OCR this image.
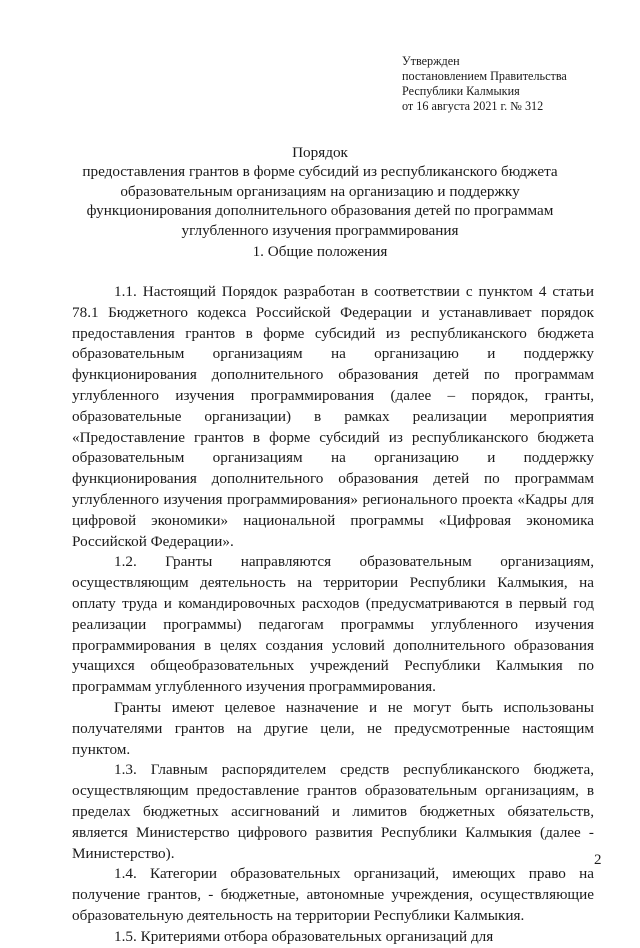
Утвержден
постановлением Правительства
Республики Калмыкия
от 16 августа 2021 г. № 312
Порядок
предоставления грантов в форме субсидий из республиканского бюджета
образовательным организациям на организацию и поддержку
функционирования дополнительного образования детей по программам
углубленного изучения программирования
1. Общие положения

1.1. Настоящий Порядок разработан в соответствии с пунктом 4 статьи 78.1 Бюджетного кодекса Российской Федерации и устанавливает порядок предоставления грантов в форме субсидий из республиканского бюджета образовательным организациям на организацию и поддержку функционирования дополнительного образования детей по программам углубленного изучения программирования (далее – порядок, гранты, образовательные организации) в рамках реализации мероприятия «Предоставление грантов в форме субсидий из республиканского бюджета образовательным организациям на организацию и поддержку функционирования дополнительного образования детей по программам углубленного изучения программирования» регионального проекта «Кадры для цифровой экономики» национальной программы «Цифровая экономика Российской Федерации».

1.2. Гранты направляются образовательным организациям, осуществляющим деятельность на территории Республики Калмыкия, на оплату труда и командировочных расходов (предусматриваются в первый год реализации программы) педагогам программы углубленного изучения программирования в целях создания условий дополнительного образования учащихся общеобразовательных учреждений Республики Калмыкия по программам углубленного изучения программирования.

Гранты имеют целевое назначение и не могут быть использованы получателями грантов на другие цели, не предусмотренные настоящим пунктом.

1.3. Главным распорядителем средств республиканского бюджета, осуществляющим предоставление грантов образовательным организациям, в пределах бюджетных ассигнований и лимитов бюджетных обязательств, является Министерство цифрового развития Республики Калмыкия (далее - Министерство).

1.4. Категории образовательных организаций, имеющих право на получение грантов, - бюджетные, автономные учреждения, осуществляющие образовательную деятельность на территории Республики Калмыкия.

1.5. Критериями отбора образовательных организаций для

2
